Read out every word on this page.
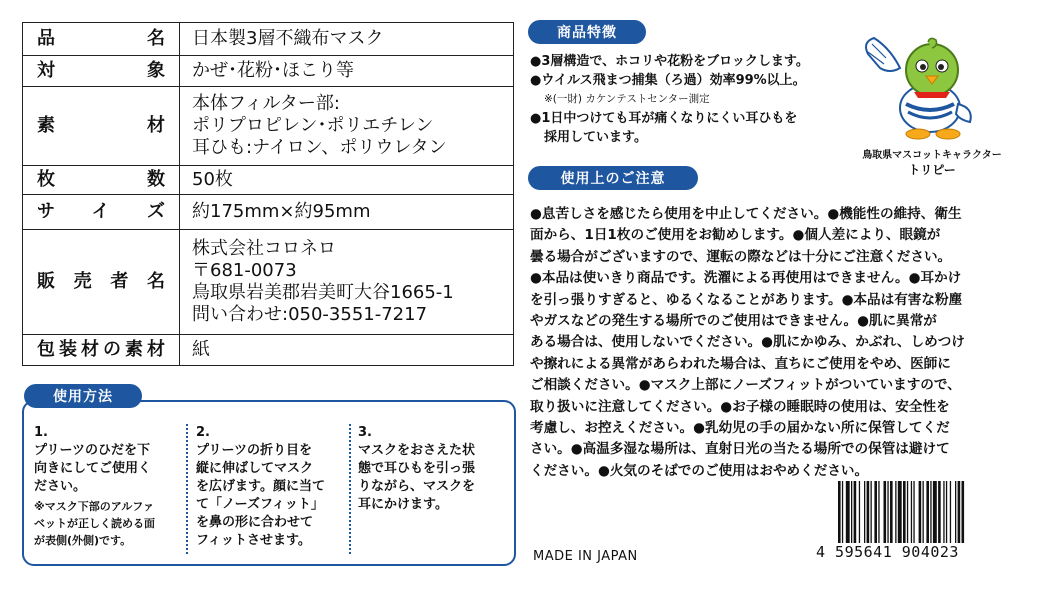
品　　名	日本製3層不織布マスク
対　　象	かぜ･花粉･ほこり等
素　　材	本体フィルター部:
ポリプロピレン･ポリエチレン
耳ひも:ナイロン、ポリウレタン
枚　　数	50枚
サイズ	約175mm×約95mm
販売者名	株式会社コロネロ
〒681-0073
鳥取県岩美郡岩美町大谷1665-1
問い合わせ:050-3551-7217
包装材の素材	紙
1.
プリーツのひだを下
向きにしてご使用く
ださい。
※マスク下部のアルファ
ベットが正しく読める面
が表側(外側)です。
2.
プリーツの折り目を
縦に伸ばしてマスク
を広げます。顔に当て
て「ノーズフィット」
を鼻の形に合わせて
フィットさせます。
3.
マスクをおさえた状
態で耳ひもを引っ張
りながら、マスクを
耳にかけます。
使用方法
商品特徴
●3層構造で、ホコリや花粉をブロックします。
●ウイルス飛まつ捕集（ろ過）効率99%以上。
※(一財) カケンテストセンター測定
●1日中つけても耳が痛くなりにくい耳ひもを
採用しています。
鳥取県マスコットキャラクター
トリピー
使用上のご注意
●息苦しさを感じたら使用を中止してください。●機能性の維持、衛生
面から、1日1枚のご使用をお勧めします。●個人差により、眼鏡が
曇る場合がございますので、運転の際などは十分にご注意ください。
●本品は使いきり商品です。洗濯による再使用はできません。●耳かけ
を引っ張りすぎると、ゆるくなることがあります。●本品は有害な粉塵
やガスなどの発生する場所でのご使用はできません。●肌に異常が
ある場合は、使用しないでください。●肌にかゆみ、かぶれ、しめつけ
や擦れによる異常があらわれた場合は、直ちにご使用をやめ、医師に
ご相談ください。●マスク上部にノーズフィットがついていますので、
取り扱いに注意してください。●お子様の睡眠時の使用は、安全性を
考慮し、お控えください。●乳幼児の手の届かない所に保管してくだ
さい。●高温多湿な場所は、直射日光の当たる場所での保管は避けて
ください。●火気のそばでのご使用はおやめください。
MADE IN JAPAN	4 595641 904023
